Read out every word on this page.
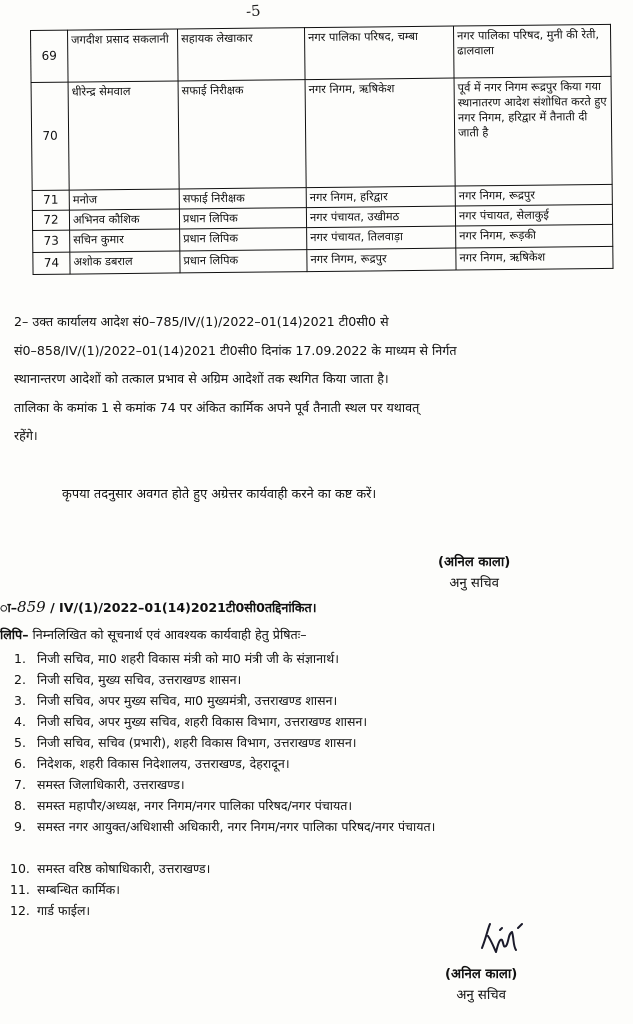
-5
69	जगदीश प्रसाद सकलानी	सहायक लेखाकार	नगर पालिका परिषद, चम्बा	नगर पालिका परिषद, मुनी की रेती, ढालवाला
70	धीरेन्द्र सेमवाल	सफाई निरीक्षक	नगर निगम, ऋषिकेश	पूर्व में नगर निगम रूद्रपुर किया गया स्थानातरण आदेश संशोधित करते हुए नगर निगम, हरिद्वार में तैनाती दी जाती है
71	मनोज	सफाई निरीक्षक	नगर निगम, हरिद्वार	नगर निगम, रूद्रपुर
72	अभिनव कौशिक	प्रधान लिपिक	नगर पंचायत, उखीमठ	नगर पंचायत, सेलाकुई
73	सचिन कुमार	प्रधान लिपिक	नगर पंचायत, तिलवाड़ा	नगर निगम, रूड़की
74	अशोक डबराल	प्रधान लिपिक	नगर निगम, रूद्रपुर	नगर निगम, ऋषिकेश
2– उक्त कार्यालय आदेश सं0–785/IV/(1)/2022–01(14)2021 टी0सी0 से
सं0–858/IV/(1)/2022–01(14)2021 टी0सी0 दिनांक 17.09.2022 के माध्यम से निर्गत
स्थानान्तरण आदेशों को तत्काल प्रभाव से अग्रिम आदेशों तक स्थगित किया जाता है।
तालिका के कमांक 1 से कमांक 74 पर अंकित कार्मिक अपने पूर्व तैनाती स्थल पर यथावत्
रहेंगे।
कृपया तदनुसार अवगत होते हुए अग्रेत्तर कार्यवाही करने का कष्ट करें।
(अनिल काला)
अनु सचिव
ा–859 / IV/(1)/2022–01(14)2021टी0सी0तद्दिनांकित।
लिपि– निम्नलिखित को सूचनार्थ एवं आवश्यक कार्यवाही हेतु प्रेषितः–
1. निजी सचिव, मा0 शहरी विकास मंत्री को मा0 मंत्री जी के संज्ञानार्थ।
2. निजी सचिव, मुख्य सचिव, उत्तराखण्ड शासन।
3. निजी सचिव, अपर मुख्य सचिव, मा0 मुख्यमंत्री, उत्तराखण्ड शासन।
4. निजी सचिव, अपर मुख्य सचिव, शहरी विकास विभाग, उत्तराखण्ड शासन।
5. निजी सचिव, सचिव (प्रभारी), शहरी विकास विभाग, उत्तराखण्ड शासन।
6. निदेशक, शहरी विकास निदेशालय, उत्तराखण्ड, देहरादून।
7. समस्त जिलाधिकारी, उत्तराखण्ड।
8. समस्त महापौर/अध्यक्ष, नगर निगम/नगर पालिका परिषद/नगर पंचायत।
9. समस्त नगर आयुक्त/अधिशासी अधिकारी, नगर निगम/नगर पालिका परिषद/नगर पंचायत।
10. समस्त वरिष्ठ कोषाधिकारी, उत्तराखण्ड।
11. सम्बन्धित कार्मिक।
12. गार्ड फाईल।
(अनिल काला)
अनु सचिव
